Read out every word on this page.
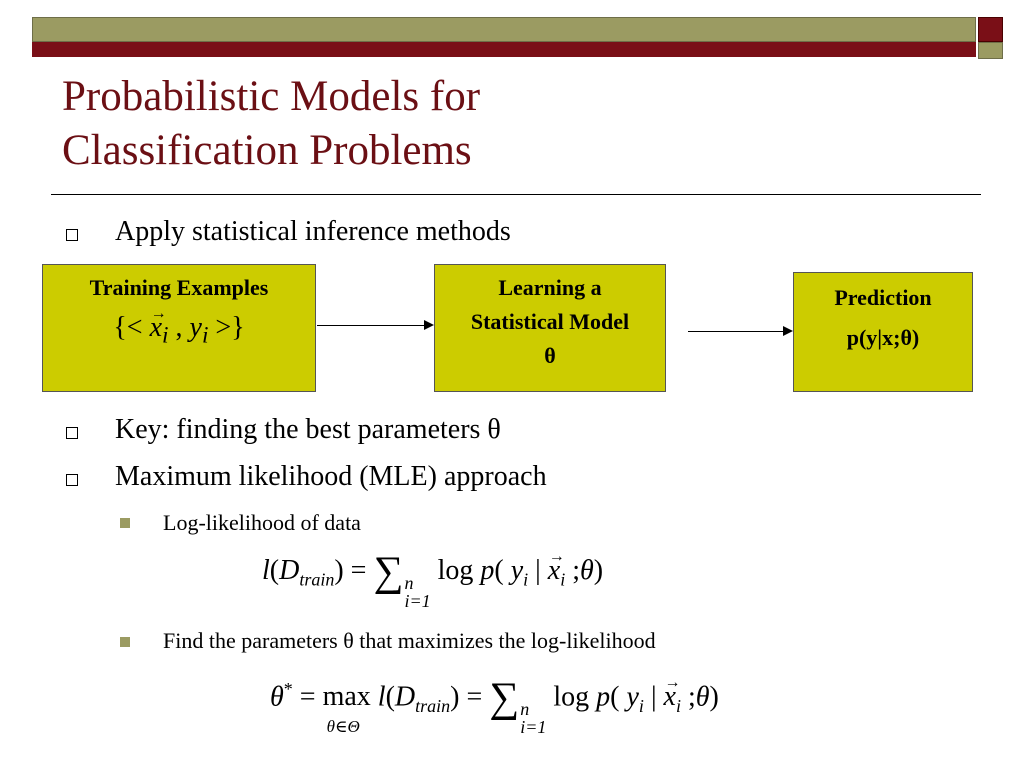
Probabilistic Models for
Classification Problems
Apply statistical inference methods
Training Examples
{< → $x_i$ , $y_i$ >}
Learning a
Statistical Model
θ
Prediction
p(y|x;θ)
Key: finding the best parameters θ
Maximum likelihood (MLE) approach
Log-likelihood of data
$l(D_{train})$ = ∑ n
i=1
log p( $y_i$ | → $x_i$ ;θ)
Find the parameters θ that maximizes the log-likelihood
θ* = max
θ∈Θ
$l(D_{train})$ = ∑ n
i=1
log p( $y_i$ | → $x_i$ ;θ)
